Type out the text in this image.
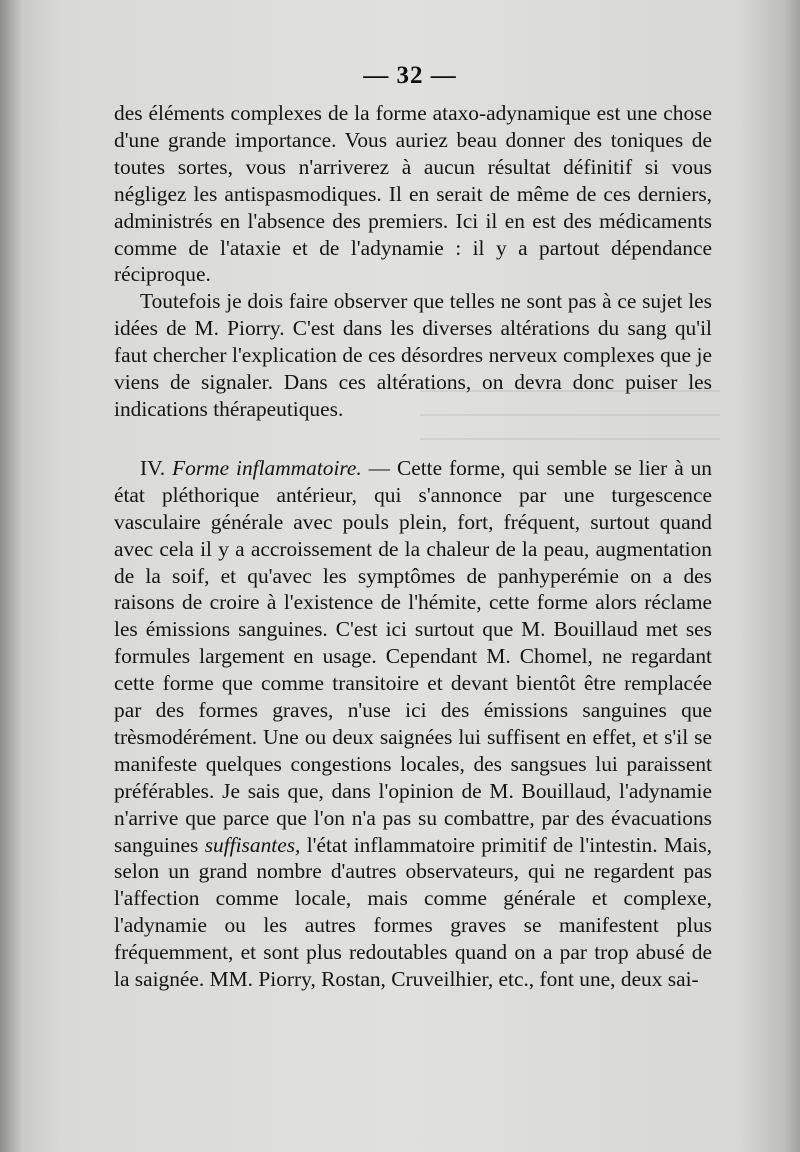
— 32 —

des éléments complexes de la forme ataxo-adynamique est une chose d'une grande importance. Vous auriez beau donner des toniques de toutes sortes, vous n'arriverez à aucun résultat définitif si vous négligez les antispasmodiques. Il en serait de même de ces derniers, administrés en l'absence des premiers. Ici il en est des médicaments comme de l'ataxie et de l'adynamie : il y a partout dépendance réciproque.

Toutefois je dois faire observer que telles ne sont pas à ce sujet les idées de M. Piorry. C'est dans les diverses altérations du sang qu'il faut chercher l'explication de ces désordres nerveux complexes que je viens de signaler. Dans ces altérations, on devra donc puiser les indications thérapeutiques.

IV. Forme inflammatoire. — Cette forme, qui semble se lier à un état pléthorique antérieur, qui s'annonce par une turgescence vasculaire générale avec pouls plein, fort, fréquent, surtout quand avec cela il y a accroissement de la chaleur de la peau, augmentation de la soif, et qu'avec les symptômes de panhyperémie on a des raisons de croire à l'existence de l'hémite, cette forme alors réclame les émissions sanguines. C'est ici surtout que M. Bouillaud met ses formules largement en usage. Cependant M. Chomel, ne regardant cette forme que comme transitoire et devant bientôt être remplacée par des formes graves, n'use ici des émissions sanguines que trèsmodérément. Une ou deux saignées lui suffisent en effet, et s'il se manifeste quelques congestions locales, des sangsues lui paraissent préférables. Je sais que, dans l'opinion de M. Bouillaud, l'adynamie n'arrive que parce que l'on n'a pas su combattre, par des évacuations sanguines suffisantes, l'état inflammatoire primitif de l'intestin. Mais, selon un grand nombre d'autres observateurs, qui ne regardent pas l'affection comme locale, mais comme générale et complexe, l'adynamie ou les autres formes graves se manifestent plus fréquemment, et sont plus redoutables quand on a par trop abusé de la saignée. MM. Piorry, Rostan, Cruveilhier, etc., font une, deux sai-
